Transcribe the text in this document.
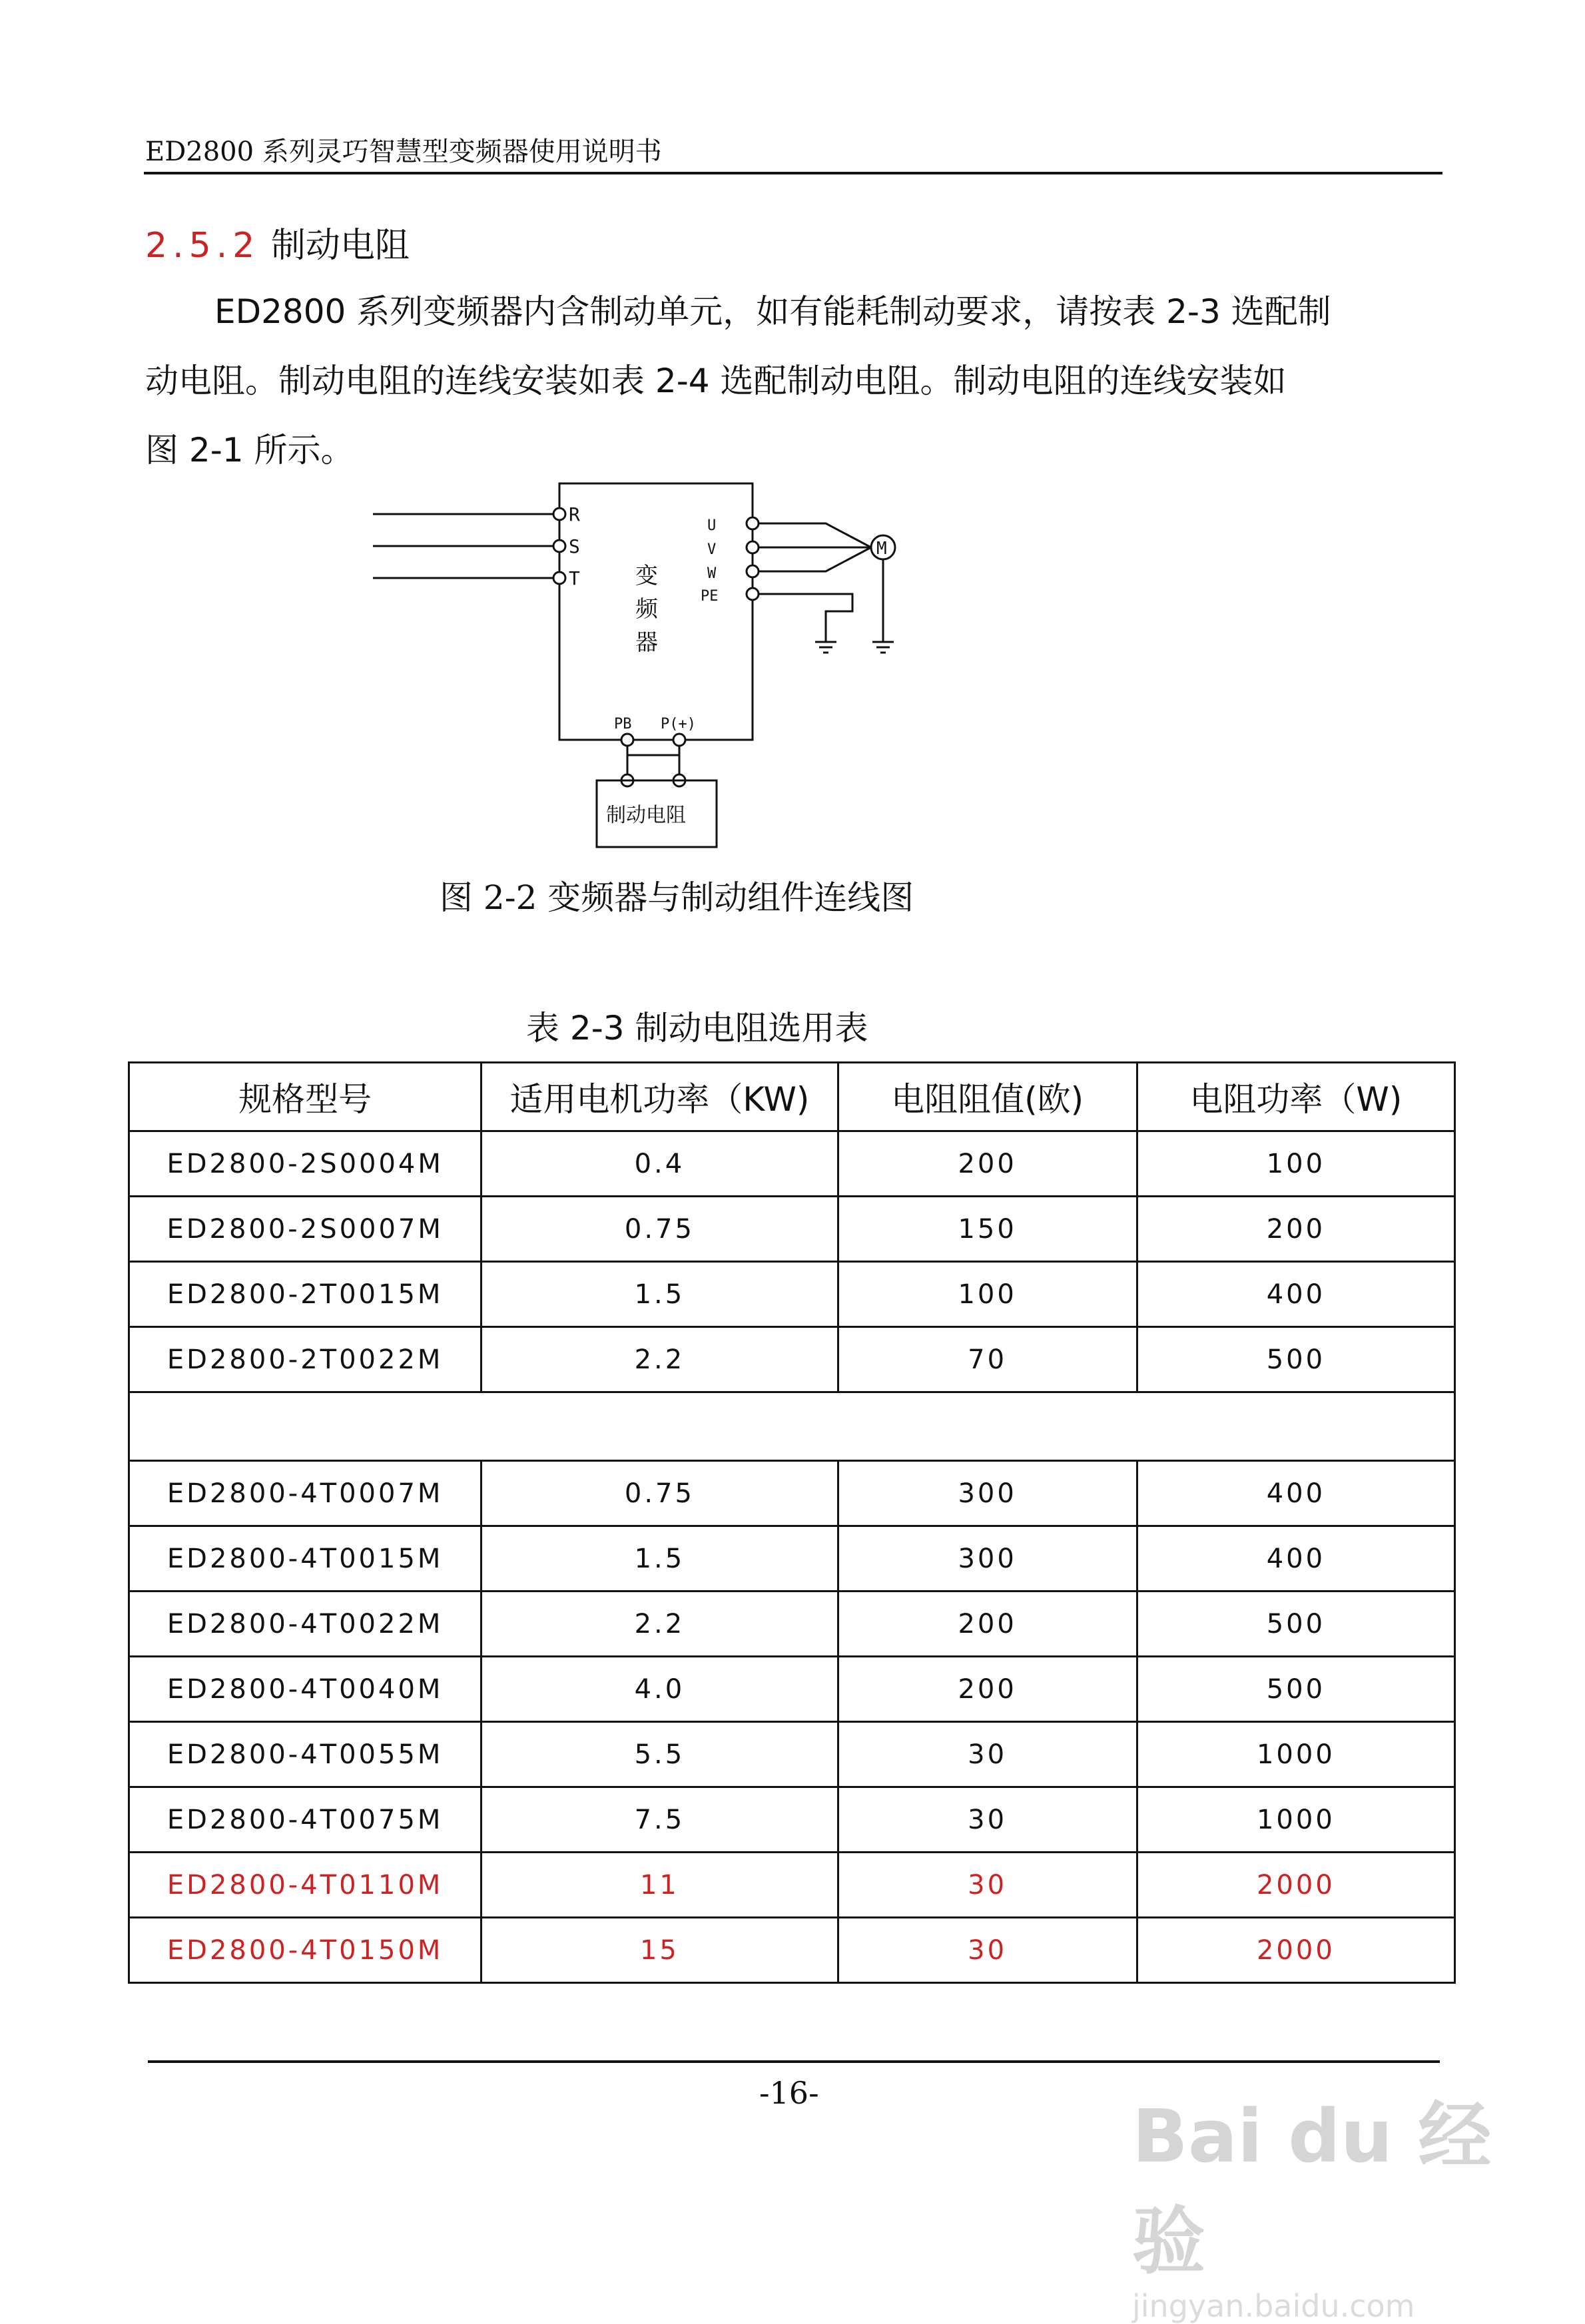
ED2800 系列灵巧智慧型变频器使用说明书
2.5.2 制动电阻
ED2800 系列变频器内含制动单元，如有能耗制动要求，请按表 2-3 选配制
动电阻。制动电阻的连线安装如表 2-4 选配制动电阻。制动电阻的连线安装如
图 2-1 所示。
R
S
T
U
V
W
PE
M
PB P(+)
变
频
器
制动电阻
图 2-2 变频器与制动组件连线图
表 2-3 制动电阻选用表
规格型号	适用电机功率（KW)	电阻阻值(欧)	电阻功率（W)
ED2800-2S0004M	0.4	200	100
ED2800-2S0007M	0.75	150	200
ED2800-2T0015M	1.5	100	400
ED2800-2T0022M	2.2	70	500

ED2800-4T0007M	0.75	300	400
ED2800-4T0015M	1.5	300	400
ED2800-4T0022M	2.2	200	500
ED2800-4T0040M	4.0	200	500
ED2800-4T0055M	5.5	30	1000
ED2800-4T0075M	7.5	30	1000
ED2800-4T0110M	11	30	2000
ED2800-4T0150M	15	30	2000
-16-
Bai du 经验
jingyan.baidu.com
